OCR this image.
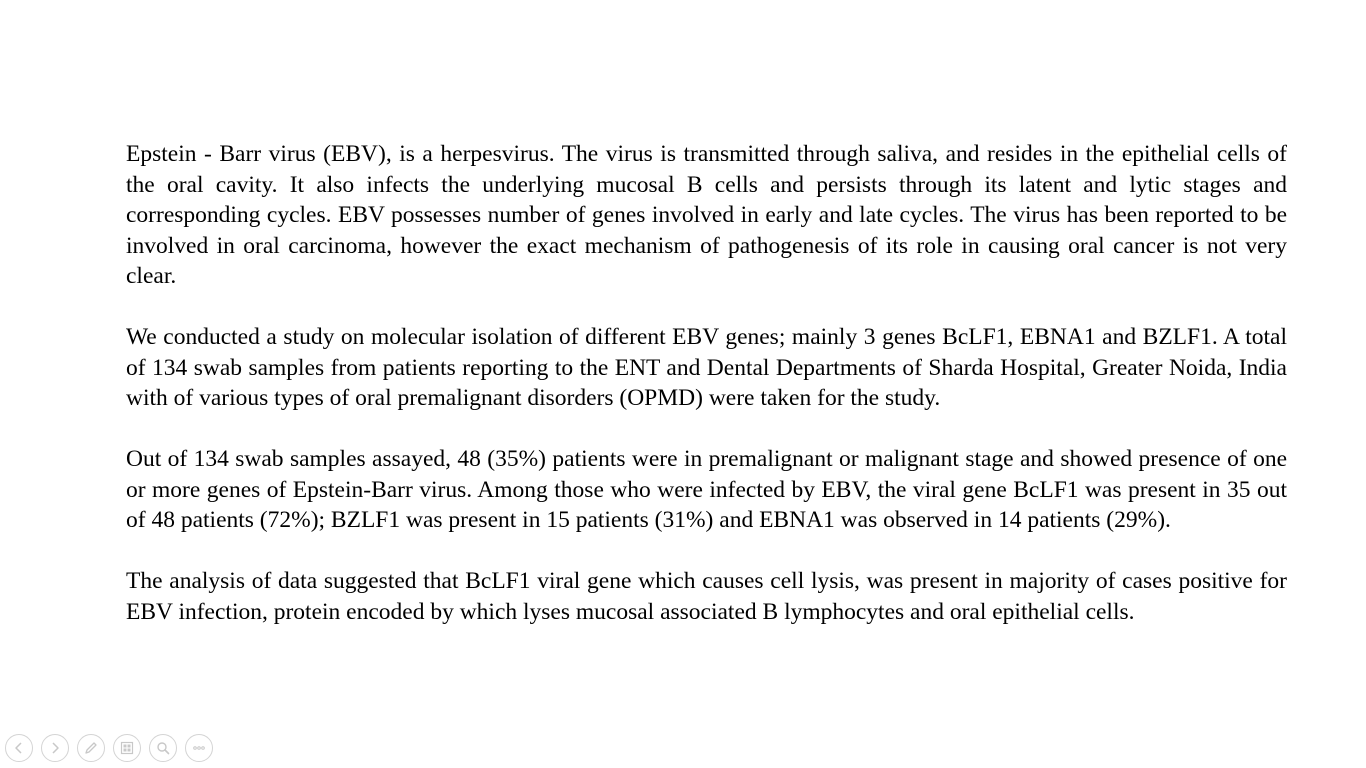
Epstein - Barr virus (EBV), is a herpesvirus. The virus is transmitted through saliva, and resides in the epithelial cells of the oral cavity. It also infects the underlying mucosal B cells and persists through its latent and lytic stages and corresponding cycles. EBV possesses number of genes involved in early and late cycles. The virus has been reported to be involved in oral carcinoma, however the exact mechanism of pathogenesis of its role in causing oral cancer is not very clear.

We conducted a study on molecular isolation of different EBV genes; mainly 3 genes BcLF1, EBNA1 and BZLF1. A total of 134 swab samples from patients reporting to the ENT and Dental Departments of Sharda Hospital, Greater Noida, India with of various types of oral premalignant disorders (OPMD) were taken for the study.

Out of 134 swab samples assayed, 48 (35%) patients were in premalignant or malignant stage and showed presence of one or more genes of Epstein-Barr virus. Among those who were infected by EBV, the viral gene BcLF1 was present in 35 out of 48 patients (72%); BZLF1 was present in 15 patients (31%) and EBNA1 was observed in 14 patients (29%).

The analysis of data suggested that BcLF1 viral gene which causes cell lysis, was present in majority of cases positive for EBV infection, protein encoded by which lyses mucosal associated B lymphocytes and oral epithelial cells.
